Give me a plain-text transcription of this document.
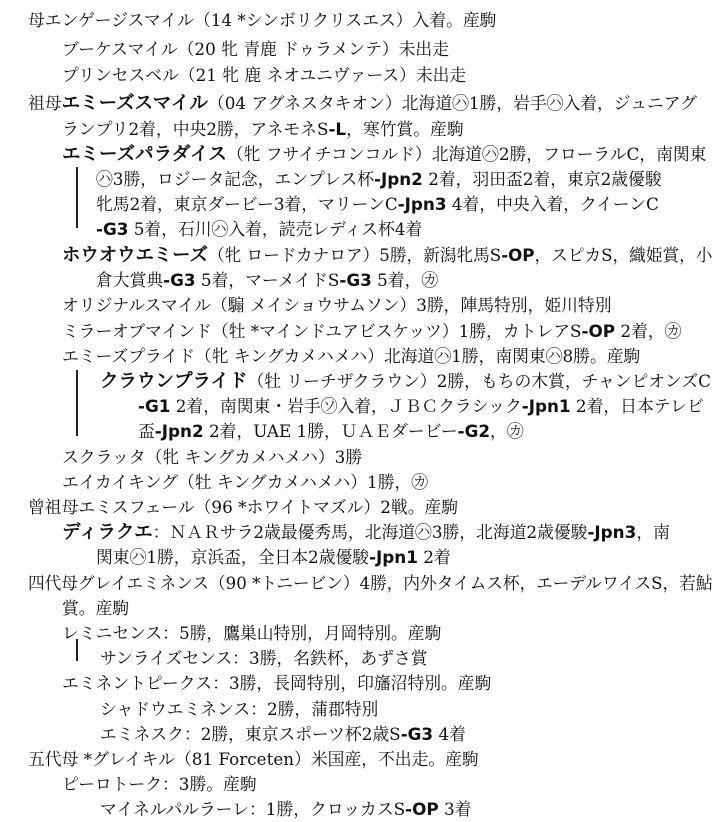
母エンゲージスマイル（14 *シンボリクリスエス）入着。産駒
ブーケスマイル（20 牝 青鹿 ドゥラメンテ）未出走
プリンセスベル（21 牝 鹿 ネオユニヴァース）未出走
祖母エミーズスマイル（04 アグネスタキオン）北海道㋩1勝，岩手㋩入着，ジュニアグ
ランプリ2着，中央2勝，アネモネS-L，寒竹賞。産駒
エミーズパラダイス（牝 フサイチコンコルド）北海道㋩2勝，フローラルC，南関東
㋩3勝，ロジータ記念，エンプレス杯-Jpn2 2着，羽田盃2着，東京2歳優駿
牝馬2着，東京ダービー3着，マリーンC-Jpn3 4着，中央入着，クイーンC
-G3 5着，石川㋩入着，読売レディス杯4着
ホウオウエミーズ（牝 ロードカナロア）5勝，新潟牝馬S-OP，スピカS，織姫賞，小
倉大賞典-G3 5着，マーメイドS-G3 5着，㋕
オリジナルスマイル（騸 メイショウサムソン）3勝，陣馬特別，姫川特別
ミラーオブマインド（牡 *マインドユアビスケッツ）1勝，カトレアS-OP 2着，㋕
エミーズプライド（牝 キングカメハメハ）北海道㋩1勝，南関東㋩8勝。産駒
クラウンプライド（牡 リーチザクラウン）2勝，もちの木賞，チャンピオンズC
-G1 2着，南関東・岩手㋞入着，ＪＢＣクラシック-Jpn1 2着，日本テレビ
盃-Jpn2 2着，UAE 1勝，ＵＡＥダービー-G2，㋕
スクラッタ（牝 キングカメハメハ）3勝
エイカイキング（牡 キングカメハメハ）1勝，㋕
曾祖母エミスフェール（96 *ホワイトマズル）2戦。産駒
ディラクエ：ＮＡＲサラ2歳最優秀馬，北海道㋩3勝，北海道2歳優駿-Jpn3，南
関東㋩1勝，京浜盃，全日本2歳優駿-Jpn1 2着
四代母グレイエミネンス（90 *トニービン）4勝，内外タイムス杯，エーデルワイスS，若鮎
賞。産駒
レミニセンス：5勝，鷹巣山特別，月岡特別。産駒
サンライズセンス：3勝，名鉄杯，あずさ賞
エミネントピークス：3勝，長岡特別，印旛沼特別。産駒
シャドウエミネンス：2勝，蒲郡特別
エミネスク：2勝，東京スポーツ杯2歳S-G3 4着
五代母 *グレイキル（81 Forceten）米国産，不出走。産駒
ピーロトーク：3勝。産駒
マイネルパルラーレ：1勝，クロッカスS-OP 3着
